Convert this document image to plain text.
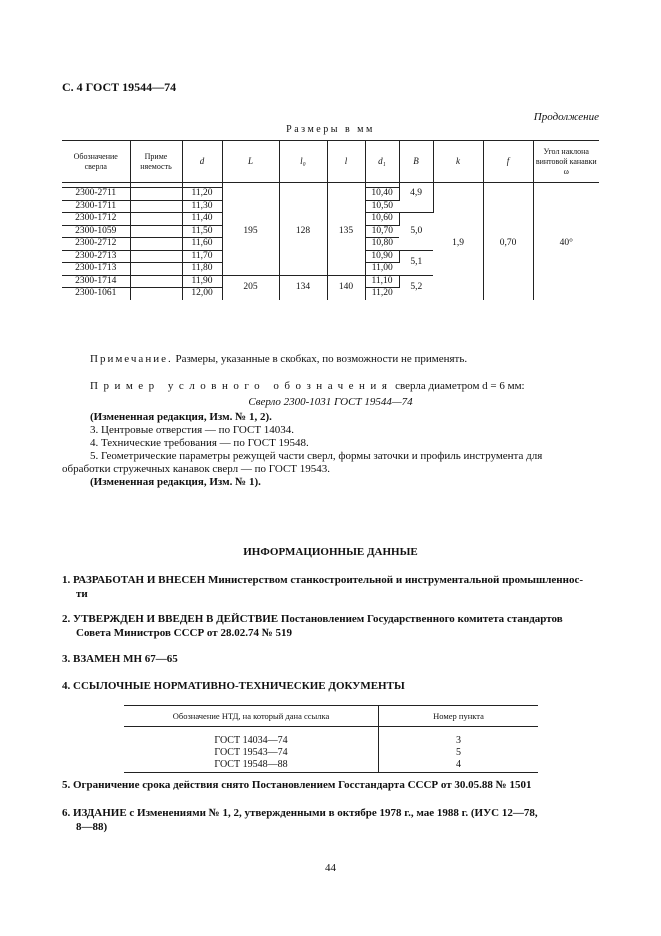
С. 4 ГОСТ 19544—74
Продолжение
Размеры в мм
Обозначение сверла	Приме няемость	d	L	l₀	l	d₁	B	k	f	Угол наклона винтовой канавки ω

2300-2711		11,20	195	128	135	10,40	4,9	1,9	0,70	40°
2300-1711		11,30				10,50				
2300-1712		11,40				10,60	5,0			
2300-1059		11,50				10,70				
2300-2712		11,60				10,80				
2300-2713		11,70				10,90	5,1			
2300-1713		11,80				11,00				
2300-1714		11,90	205	134	140	11,10	5,2			
2300-1061		12,00				11,20				
Примечание. Размеры, указанные в скобках, по возможности не применять.
Пример условного обозначения сверла диаметром d = 6 мм:
Сверло 2300-1031 ГОСТ 19544—74
(Измененная редакция, Изм. № 1, 2).
3. Центровые отверстия — по ГОСТ 14034.
4. Технические требования — по ГОСТ 19548.
5. Геометрические параметры режущей части сверл, формы заточки и профиль инструмента для
обработки стружечных канавок сверл — по ГОСТ 19543.
(Измененная редакция, Изм. № 1).
ИНФОРМАЦИОННЫЕ ДАННЫЕ
1. РАЗРАБОТАН И ВНЕСЕН Министерством станкостроительной и инструментальной промышленнос-
ти
2. УТВЕРЖДЕН И ВВЕДЕН В ДЕЙСТВИЕ Постановлением Государственного комитета стандартов
Совета Министров СССР от 28.02.74 № 519
3. ВЗАМЕН МН 67—65
4. ССЫЛОЧНЫЕ НОРМАТИВНО-ТЕХНИЧЕСКИЕ ДОКУМЕНТЫ
Обозначение НТД, на который дана ссылка	Номер пункта

ГОСТ 14034—74	3
ГОСТ 19543—74	5
ГОСТ 19548—88	4
5. Ограничение срока действия снято Постановлением Госстандарта СССР от 30.05.88 № 1501
6. ИЗДАНИЕ с Изменениями № 1, 2, утвержденными в октябре 1978 г., мае 1988 г. (ИУС 12—78,
8—88)
44
